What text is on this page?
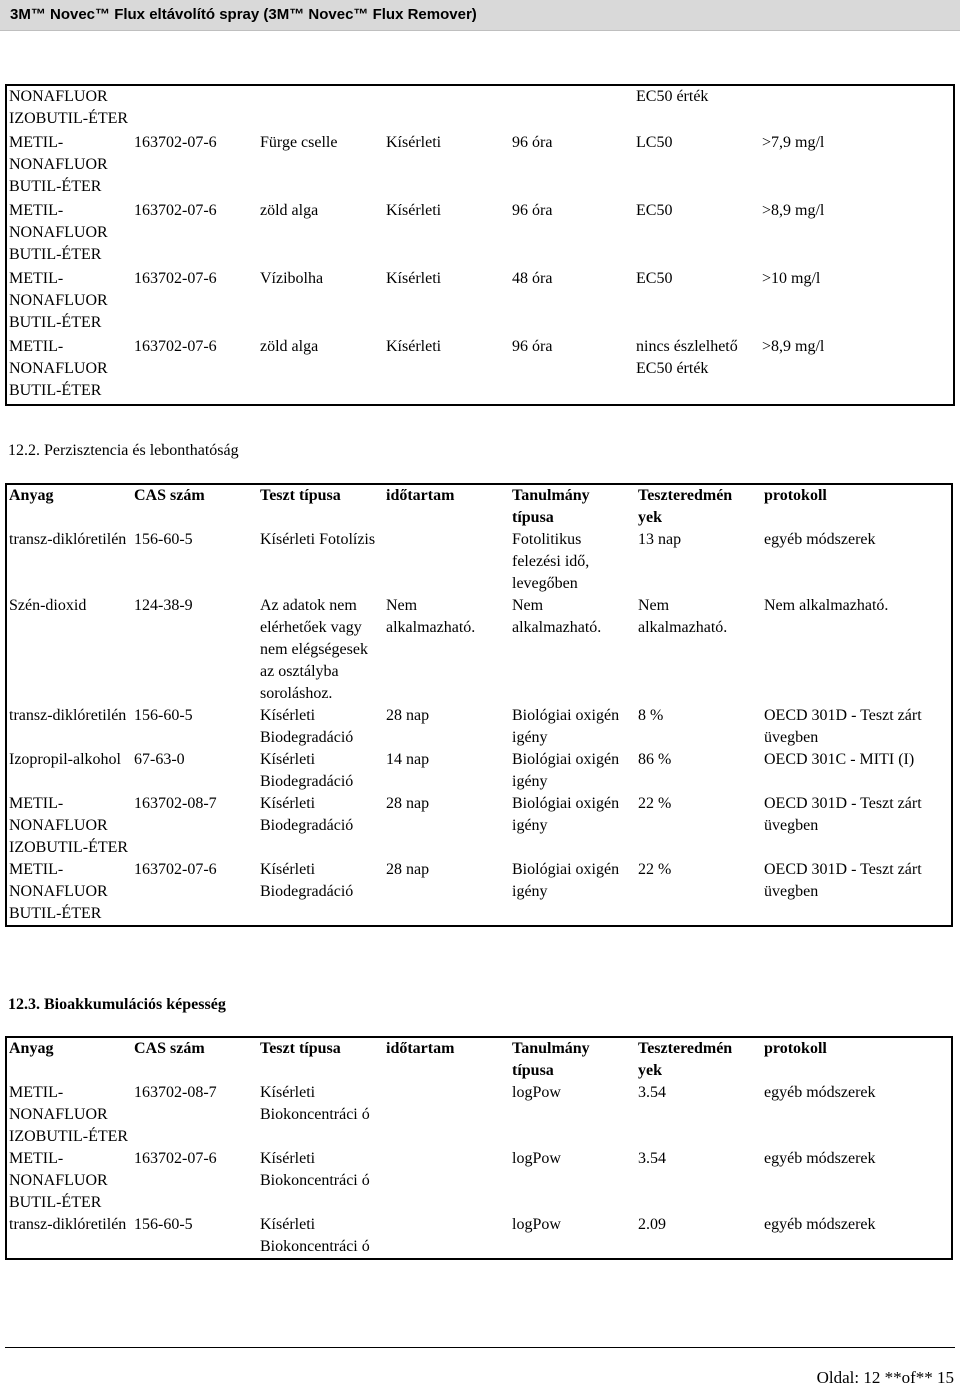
3M™ Novec™ Flux eltávolító spray (3M™ Novec™ Flux Remover)
NONAFLUOR IZOBUTIL-ÉTER					EC50 érték	
METIL-NONAFLUOR BUTIL-ÉTER	163702-07-6	Fürge cselle	Kísérleti	96 óra	LC50	>7,9 mg/l
METIL-NONAFLUOR BUTIL-ÉTER	163702-07-6	zöld alga	Kísérleti	96 óra	EC50	>8,9 mg/l
METIL-NONAFLUOR BUTIL-ÉTER	163702-07-6	Vízibolha	Kísérleti	48 óra	EC50	>10 mg/l
METIL-NONAFLUOR BUTIL-ÉTER	163702-07-6	zöld alga	Kísérleti	96 óra	nincs észlelhető EC50 érték	>8,9 mg/l
12.2. Perzisztencia és lebonthatóság
Anyag	CAS szám	Teszt típusa	időtartam	Tanulmány típusa	Teszteredmén yek	protokoll
transz-diklóretilén	156-60-5	Kísérleti Fotolízis		Fotolitikus felezési idő, levegőben	13 nap	egyéb módszerek
Szén-dioxid	124-38-9	Az adatok nem elérhetőek vagy nem elégségesek az osztályba soroláshoz.	Nem alkalmazható.	Nem alkalmazható.	Nem alkalmazható.	Nem alkalmazható.
transz-diklóretilén	156-60-5	Kísérleti Biodegradáció	28 nap	Biológiai oxigén igény	8 %	OECD 301D - Teszt zárt üvegben
Izopropil-alkohol	67-63-0	Kísérleti Biodegradáció	14 nap	Biológiai oxigén igény	86 %	OECD 301C - MITI (I)
METIL-NONAFLUOR IZOBUTIL-ÉTER	163702-08-7	Kísérleti Biodegradáció	28 nap	Biológiai oxigén igény	22 %	OECD 301D - Teszt zárt üvegben
METIL-NONAFLUOR BUTIL-ÉTER	163702-07-6	Kísérleti Biodegradáció	28 nap	Biológiai oxigén igény	22 %	OECD 301D - Teszt zárt üvegben
12.3. Bioakkumulációs képesség
Anyag	CAS szám	Teszt típusa	időtartam	Tanulmány típusa	Teszteredmén yek	protokoll
METIL-NONAFLUOR IZOBUTIL-ÉTER	163702-08-7	Kísérleti Biokoncentráci ó		logPow	3.54	egyéb módszerek
METIL-NONAFLUOR BUTIL-ÉTER	163702-07-6	Kísérleti Biokoncentráci ó		logPow	3.54	egyéb módszerek
transz-diklóretilén	156-60-5	Kísérleti Biokoncentráci ó		logPow	2.09	egyéb módszerek
Oldal: 12 **of** 15
